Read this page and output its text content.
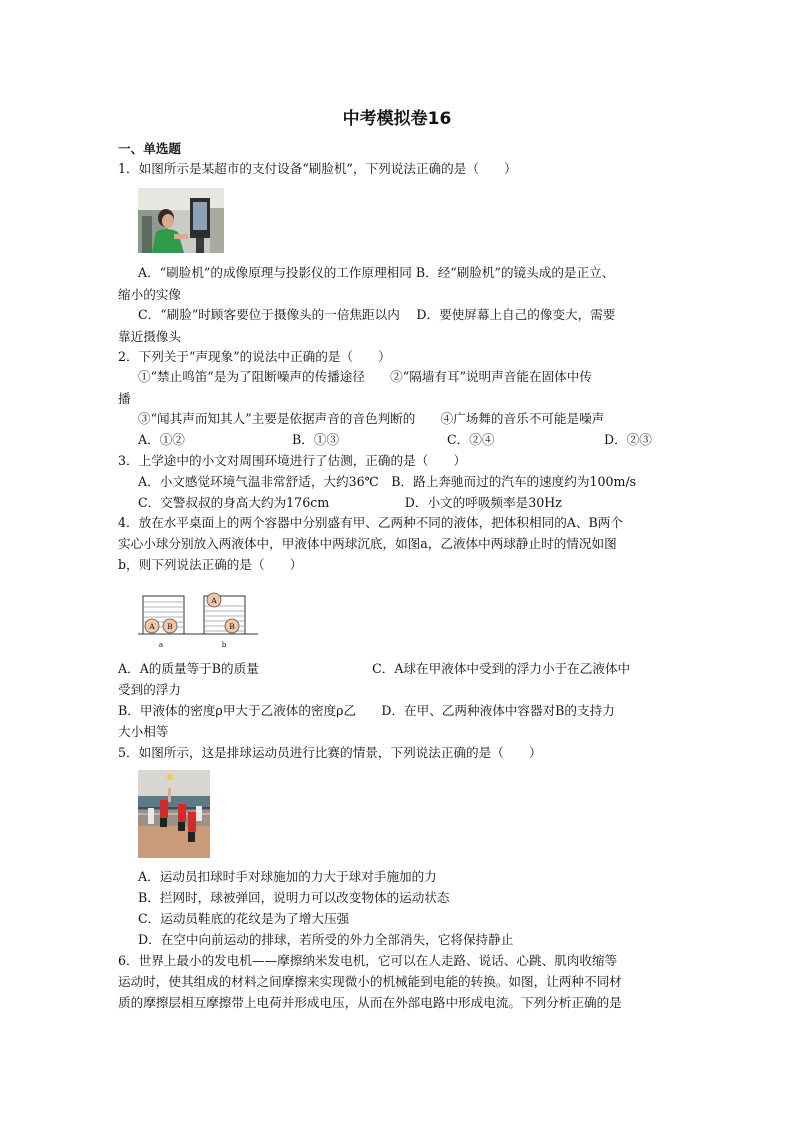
中考模拟卷16
一、单选题
1．如图所示是某超市的支付设备“刷脸机”，下列说法正确的是（　　）
A．“刷脸机”的成像原理与投影仪的工作原理相同 B．经“刷脸机”的镜头成的是正立、
缩小的实像
C．“刷脸”时顾客要位于摄像头的一倍焦距以内　 D．要使屏幕上自己的像变大，需要
靠近摄像头
2．下列关于“声现象”的说法中正确的是（　　）
①“禁止鸣笛”是为了阻断噪声的传播途径　　②“隔墙有耳”说明声音能在固体中传
播
③“闻其声而知其人”主要是依据声音的音色判断的　　④广场舞的音乐不可能是噪声
A．①②	B．①③	C．②④	D．②③
3．上学途中的小文对周围环境进行了估测，正确的是（　　）
A．小文感觉环境气温非常舒适，大约36℃　B．路上奔驰而过的汽车的速度约为100m/s
C．交警叔叔的身高大约为176cm　　　　　　D．小文的呼吸频率是30Hz
4．放在水平桌面上的两个容器中分别盛有甲、乙两种不同的液体，把体积相同的A、B两个
实心小球分别放入两液体中，甲液体中两球沉底，如图a，乙液体中两球静止时的情况如图
b，则下列说法正确的是（　　）
A B
A
B
a	b
A．A的质量等于B的质量　　　　　　　　　C．A球在甲液体中受到的浮力小于在乙液体中
受到的浮力
B．甲液体的密度ρ甲大于乙液体的密度ρ乙　　D．在甲、乙两种液体中容器对B的支持力
大小相等
5．如图所示，这是排球运动员进行比赛的情景，下列说法正确的是（　　）
A．运动员扣球时手对球施加的力大于球对手施加的力
B．拦网时，球被弹回，说明力可以改变物体的运动状态
C．运动员鞋底的花纹是为了增大压强
D．在空中向前运动的排球，若所受的外力全部消失，它将保持静止
6．世界上最小的发电机——摩擦纳米发电机，它可以在人走路、说话、心跳、肌肉收缩等
运动时，使其组成的材料之间摩擦来实现微小的机械能到电能的转换。如图，让两种不同材
质的摩擦层相互摩擦带上电荷并形成电压，从而在外部电路中形成电流。下列分析正确的是
